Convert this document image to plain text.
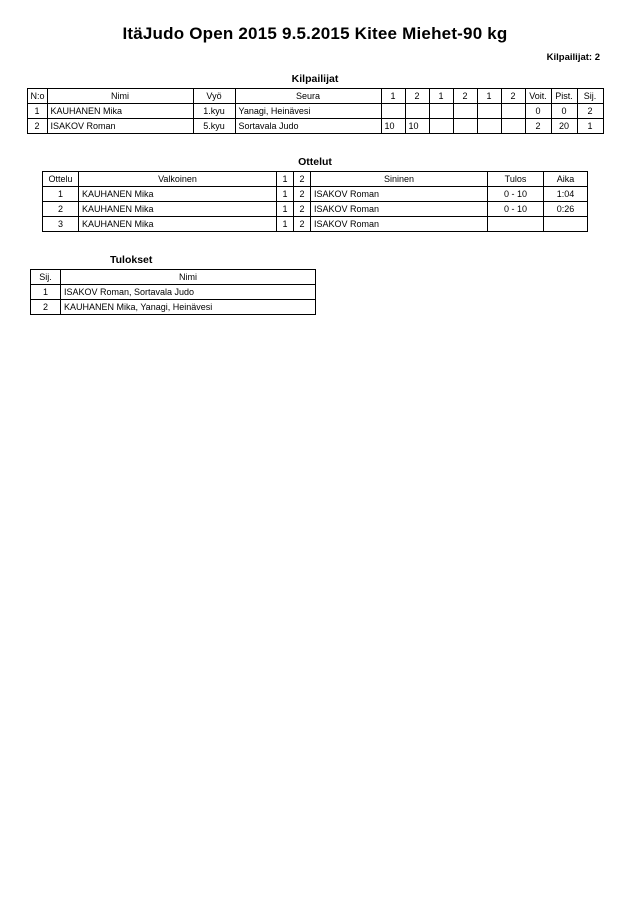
ItäJudo Open 2015 9.5.2015 Kitee Miehet-90 kg
Kilpailijat: 2
Kilpailijat
N:o	Nimi	Vyö	Seura	1	2	1	2	1	2	Voit.	Pist.	Sij.
1	KAUHANEN Mika	1.kyu	Yanagi, Heinävesi							0	0	2
2	ISAKOV Roman	5.kyu	Sortavala Judo	10	10					2	20	1
Ottelut
Ottelu	Valkoinen	1	2	Sininen	Tulos	Aika
1	KAUHANEN Mika	1	2	ISAKOV Roman	0 - 10	1:04
2	KAUHANEN Mika	1	2	ISAKOV Roman	0 - 10	0:26
3	KAUHANEN Mika	1	2	ISAKOV Roman		
Tulokset
Sij.	Nimi
1	ISAKOV Roman, Sortavala Judo
2	KAUHANEN Mika, Yanagi, Heinävesi
